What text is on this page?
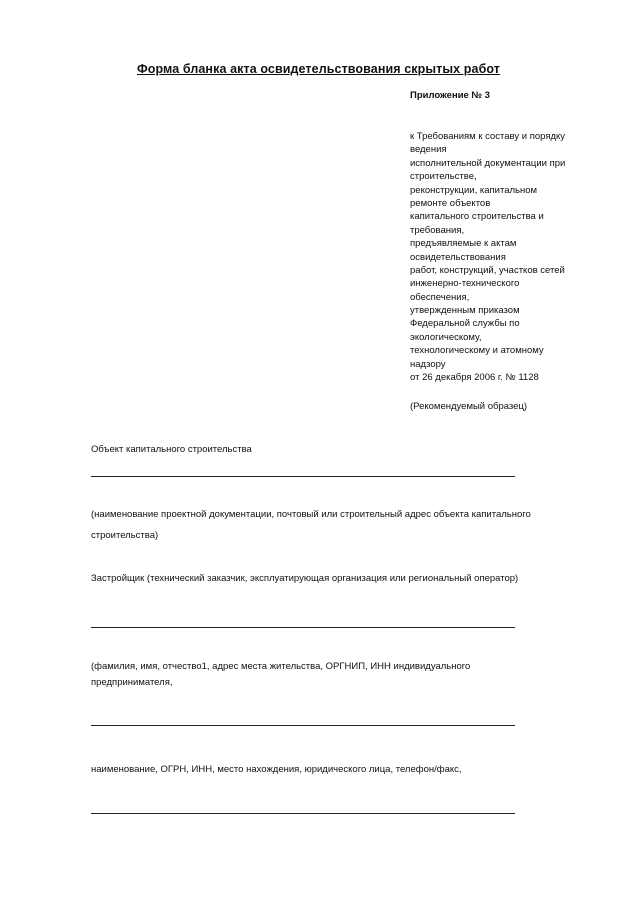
Форма бланка акта освидетельствования скрытых работ
Приложение № 3
к Требованиям к составу и порядку
ведения
исполнительной документации при
строительстве,
реконструкции, капитальном
ремонте объектов
капитального строительства и
требования,
предъявляемые к актам
освидетельствования
работ, конструкций, участков сетей
инженерно-технического
обеспечения,
утвержденным приказом
Федеральной службы по
экологическому,
технологическому и атомному
надзору
от 26 декабря 2006 г. № 1128
(Рекомендуемый образец)
Объект капитального строительства
(наименование проектной документации, почтовый или строительный адрес объекта капитального
строительства)
Застройщик (технический заказчик, эксплуатирующая организация или региональный оператор)
(фамилия, имя, отчество1, адрес места жительства, ОРГНИП, ИНН индивидуального
предпринимателя,
наименование, ОГРН, ИНН, место нахождения, юридического лица, телефон/факс,
